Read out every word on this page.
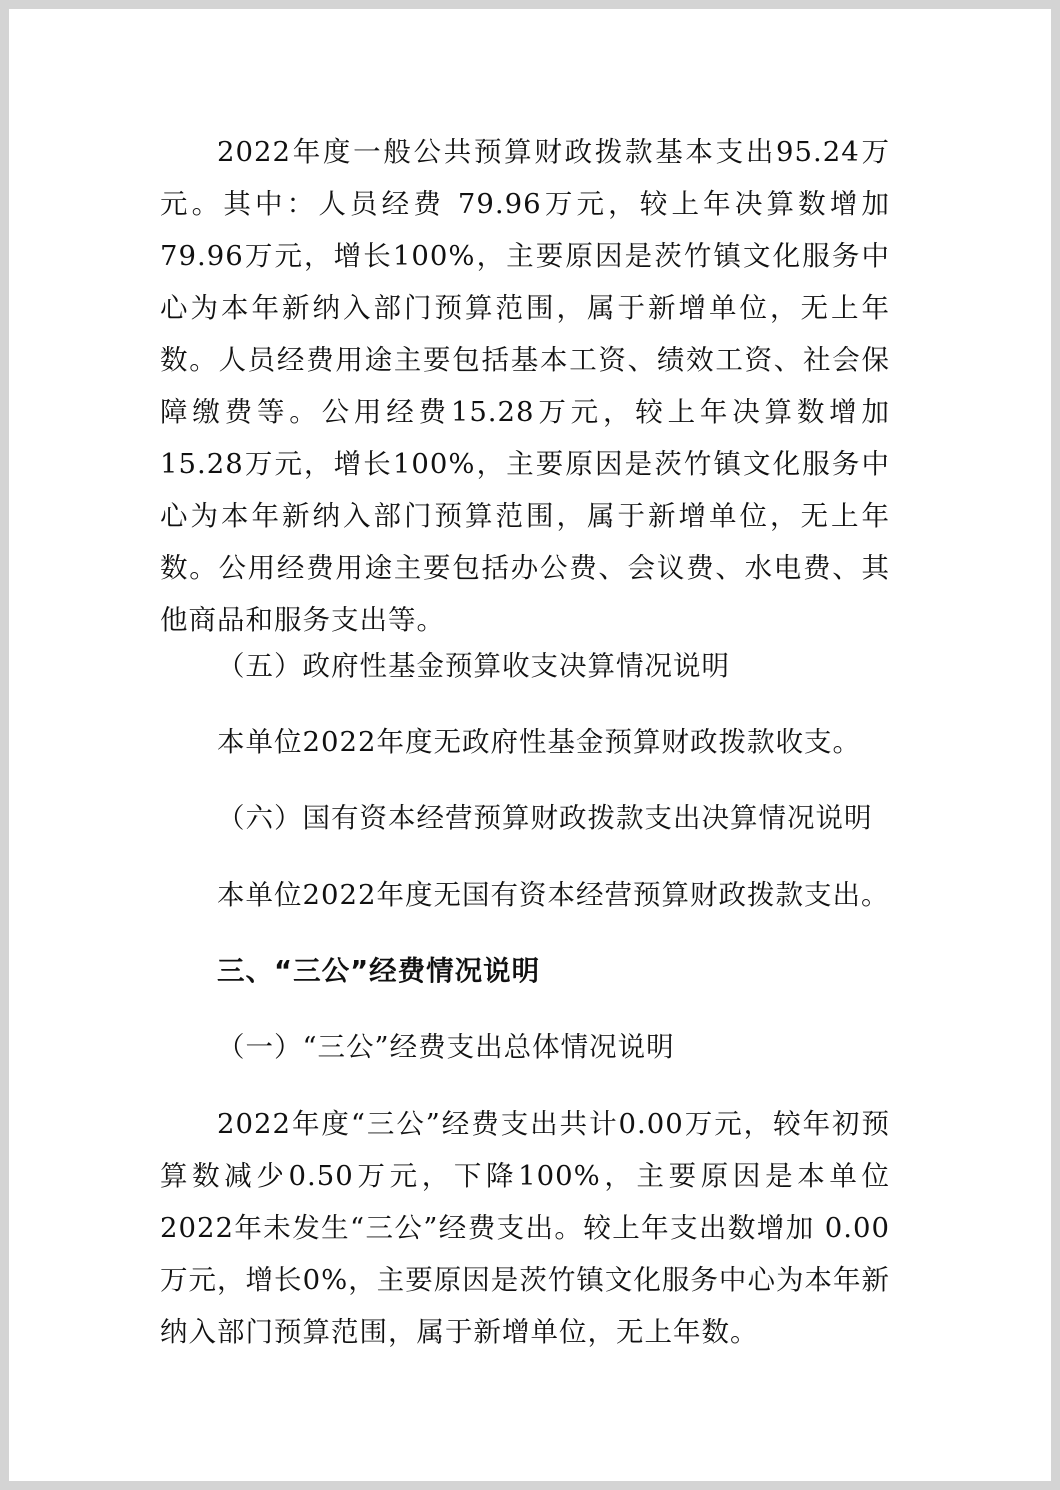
2022年度一般公共预算财政拨款基本支出95.24万元。其中：人员经费 79.96万元，较上年决算数增加 79.96万元，增长100%，主要原因是茨竹镇文化服务中心为本年新纳入部门预算范围，属于新增单位，无上年数。人员经费用途主要包括基本工资、绩效工资、社会保障缴费等。公用经费15.28万元，较上年决算数增加15.28万元，增长100%，主要原因是茨竹镇文化服务中心为本年新纳入部门预算范围，属于新增单位，无上年数。公用经费用途主要包括办公费、会议费、水电费、其他商品和服务支出等。

（五）政府性基金预算收支决算情况说明

本单位2022年度无政府性基金预算财政拨款收支。

（六）国有资本经营预算财政拨款支出决算情况说明

本单位2022年度无国有资本经营预算财政拨款支出。

三、“三公”经费情况说明

（一）“三公”经费支出总体情况说明

2022年度“三公”经费支出共计0.00万元，较年初预算数减少0.50万元，下降100%，主要原因是本单位2022年未发生“三公”经费支出。较上年支出数增加 0.00 万元，增长0%，主要原因是茨竹镇文化服务中心为本年新纳入部门预算范围，属于新增单位，无上年数。
